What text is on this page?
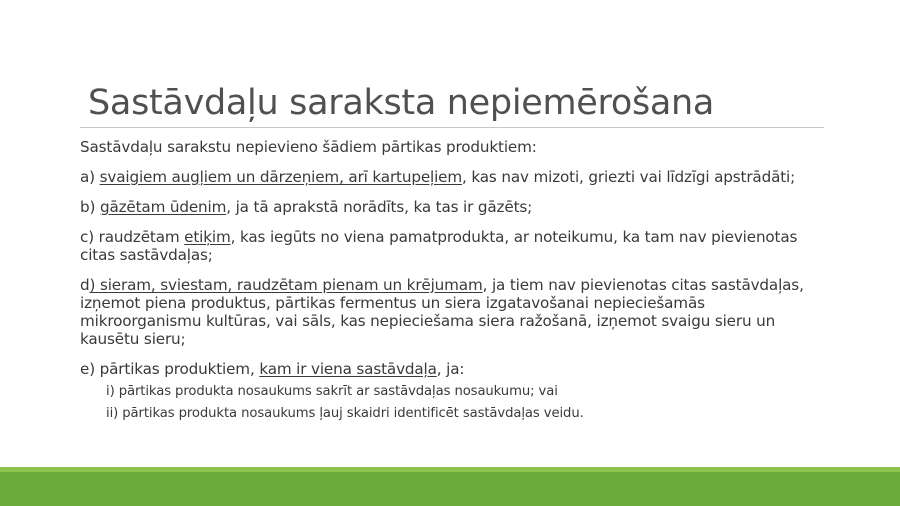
Sastāvdaļu saraksta nepiemērošana

Sastāvdaļu sarakstu nepievieno šādiem pārtikas produktiem:

a) svaigiem augļiem un dārzeņiem, arī kartupeļiem, kas nav mizoti, griezti vai līdzīgi apstrādāti;

b) gāzētam ūdenim, ja tā aprakstā norādīts, ka tas ir gāzēts;

c) raudzētam etiķim, kas iegūts no viena pamatprodukta, ar noteikumu, ka tam nav pievienotas citas sastāvdaļas;

d) sieram, sviestam, raudzētam pienam un krējumam, ja tiem nav pievienotas citas sastāvdaļas, izņemot piena produktus, pārtikas fermentus un siera izgatavošanai nepieciešamās mikroorganismu kultūras, vai sāls, kas nepieciešama siera ražošanā, izņemot svaigu sieru un kausētu sieru;

e) pārtikas produktiem, kam ir viena sastāvdaļa, ja:

i) pārtikas produkta nosaukums sakrīt ar sastāvdaļas nosaukumu; vai

ii) pārtikas produkta nosaukums ļauj skaidri identificēt sastāvdaļas veidu.
